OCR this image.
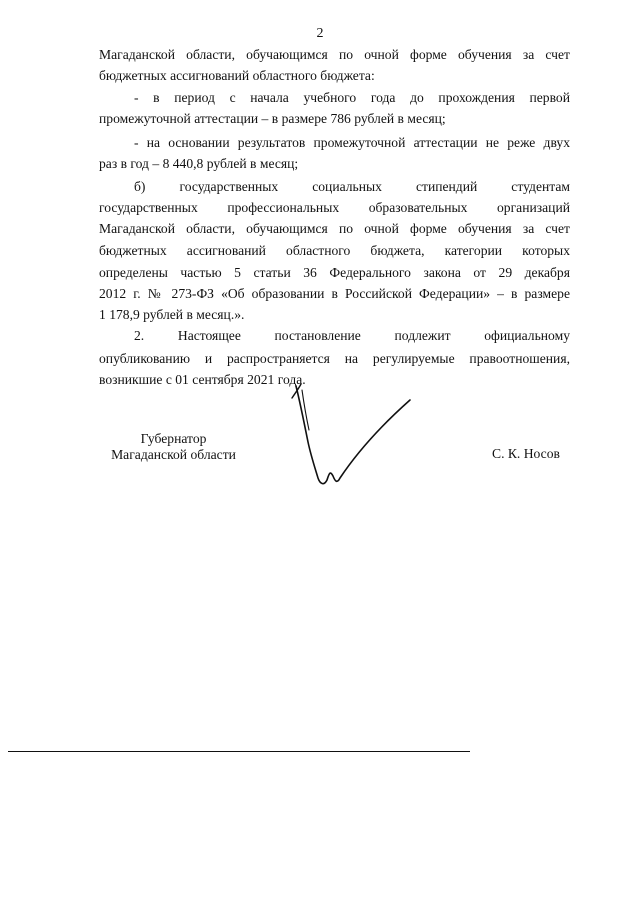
2
Магаданской области, обучающимся по очной форме обучения за счет
бюджетных ассигнований областного бюджета:
- в период с начала учебного года до прохождения первой
промежуточной аттестации – в размере 786 рублей в месяц;
- на основании результатов промежуточной аттестации не реже двух
раз в год – 8 440,8 рублей в месяц;
б) государственных социальных стипендий студентам
государственных профессиональных образовательных организаций
Магаданской области, обучающимся по очной форме обучения за счет
бюджетных ассигнований областного бюджета, категории которых
определены частью 5 статьи 36 Федерального закона от 29 декабря
2012 г. № 273-ФЗ «Об образовании в Российской Федерации» – в размере
1 178,9 рублей в месяц.».
2. Настоящее постановление подлежит официальному
опубликованию и распространяется на регулируемые правоотношения,
возникшие с 01 сентября 2021 года.
Губернатор
Магаданской области	С. К. Носов
